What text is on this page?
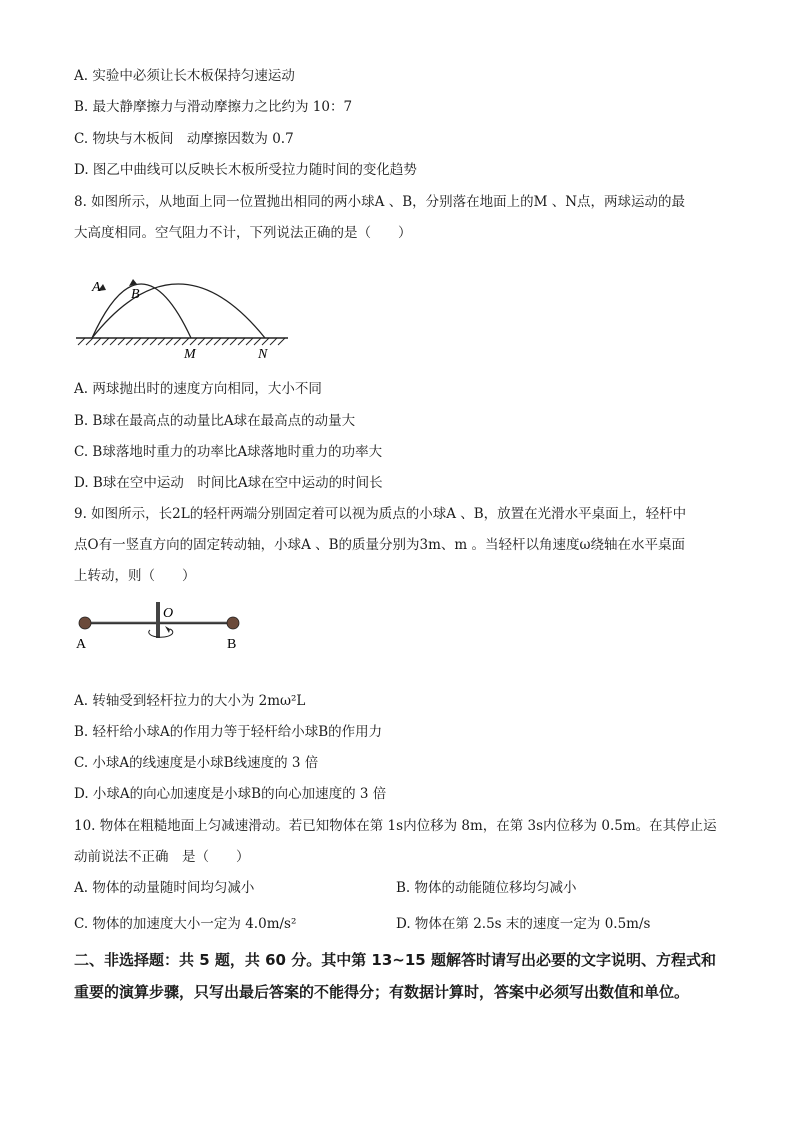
A. 实验中必须让长木板保持匀速运动
B. 最大静摩擦力与滑动摩擦力之比约为 10：7
C. 物块与木板间　动摩擦因数为 0.7
D. 图乙中曲线可以反映长木板所受拉力随时间的变化趋势
8. 如图所示，从地面上同一位置抛出相同的两小球A 、B，分别落在地面上的M 、N点，两球运动的最
大高度相同。空气阻力不计，下列说法正确的是（　　）
A B
M	N
A. 两球抛出时的速度方向相同，大小不同
B. B球在最高点的动量比A球在最高点的动量大
C. B球落地时重力的功率比A球落地时重力的功率大
D. B球在空中运动　时间比A球在空中运动的时间长
9. 如图所示，长2L的轻杆两端分别固定着可以视为质点的小球A 、B，放置在光滑水平桌面上，轻杆中
点O有一竖直方向的固定转动轴，小球A 、B的质量分别为3m、m 。当轻杆以角速度ω绕轴在水平桌面
上转动，则（　　）
O
A	B
A. 转轴受到轻杆拉力的大小为 2mω²L
B. 轻杆给小球A的作用力等于轻杆给小球B的作用力
C. 小球A的线速度是小球B线速度的 3 倍
D. 小球A的向心加速度是小球B的向心加速度的 3 倍
10. 物体在粗糙地面上匀减速滑动。若已知物体在第 1s内位移为 8m，在第 3s内位移为 0.5m。在其停止运
动前说法不正确　是（　　）
A. 物体的动量随时间均匀减小	B. 物体的动能随位移均匀减小
C. 物体的加速度大小一定为 4.0m/s²	D. 物体在第 2.5s 末的速度一定为 0.5m/s
二、非选择题：共 5 题，共 60 分。其中第 13~15 题解答时请写出必要的文字说明、方程式和
重要的演算步骤，只写出最后答案的不能得分；有数据计算时，答案中必须写出数值和单位。
